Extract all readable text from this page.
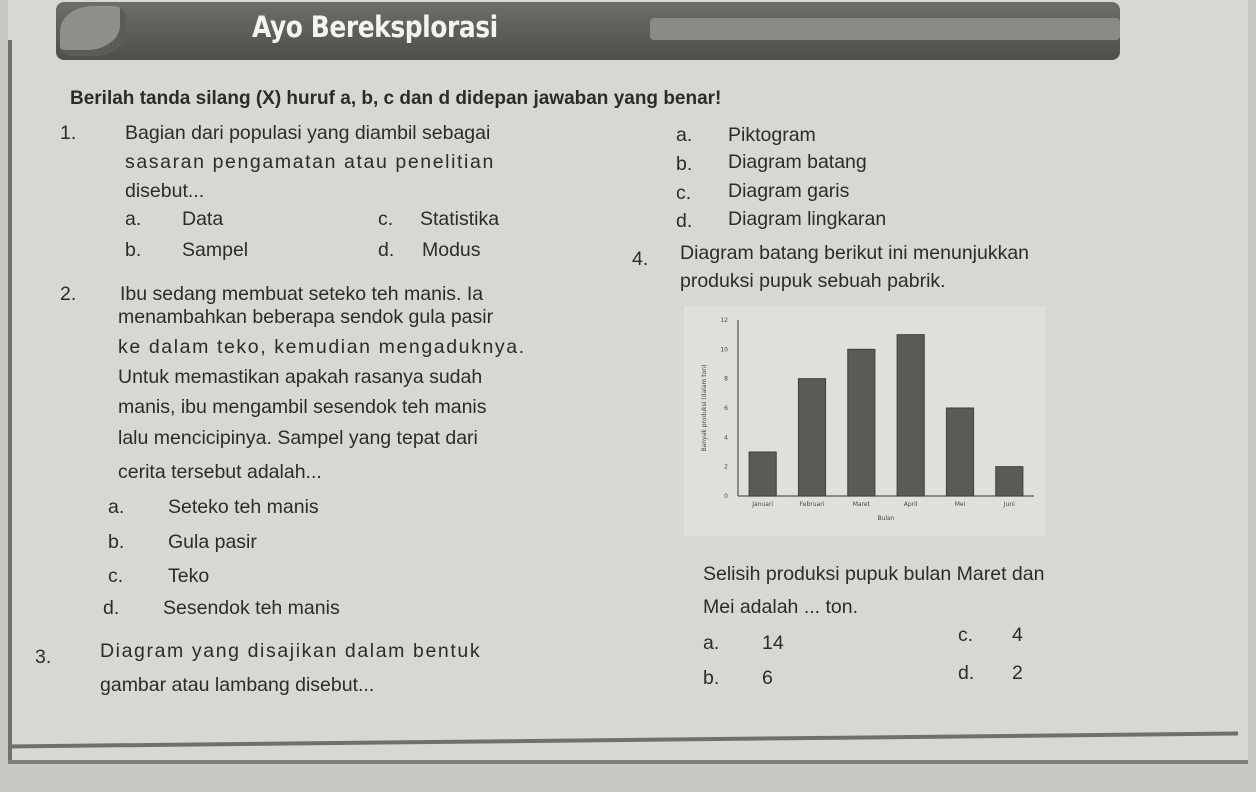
Ayo Bereksplorasi
Berilah tanda silang (X) huruf a, b, c dan d didepan jawaban yang benar!
1. Bagian dari populasi yang diambil sebagai
sasaran pengamatan atau penelitian
disebut...
a. Data
b. Sampel
c. Statistika
d. Modus
2. Ibu sedang membuat seteko teh manis. Ia
menambahkan beberapa sendok gula pasir
ke dalam teko, kemudian mengaduknya.
Untuk memastikan apakah rasanya sudah
manis, ibu mengambil sesendok teh manis
lalu mencicipinya. Sampel yang tepat dari
cerita tersebut adalah...
a. Seteko teh manis
b. Gula pasir
c. Teko
d. Sesendok teh manis
3. Diagram yang disajikan dalam bentuk
gambar atau lambang disebut...
a. Piktogram
b. Diagram batang
c. Diagram garis
d. Diagram lingkaran
4. Diagram batang berikut ini menunjukkan
produksi pupuk sebuah pabrik.
0
2
4
6
8
10
12
Januari	Februari	Maret	April	Mei	Juni
Banyak produksi (dalam ton)
Bulan
Selisih produksi pupuk bulan Maret dan
Mei adalah ... ton.
a. 14
b. 6
c. 4
d. 2
